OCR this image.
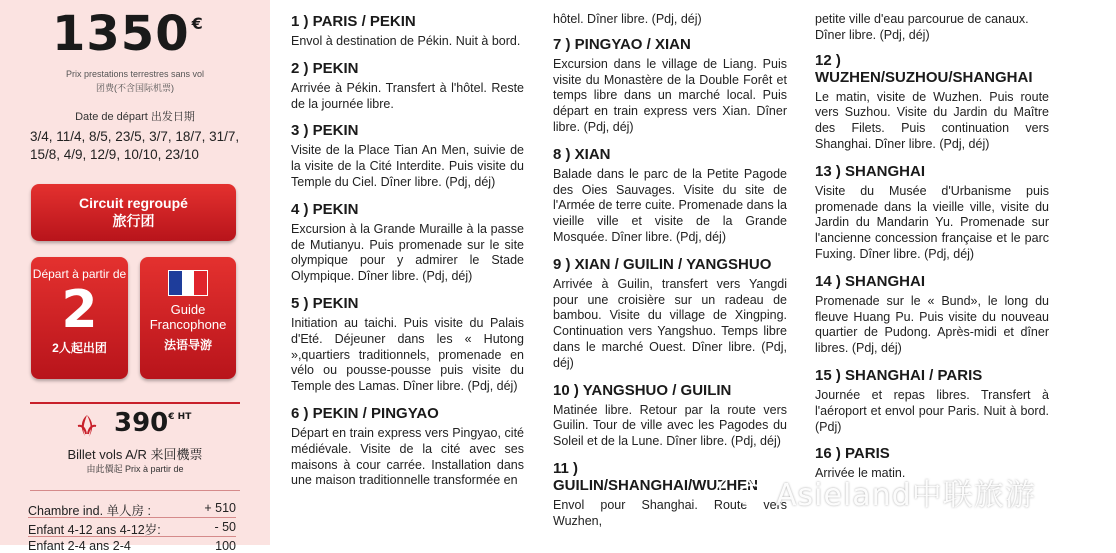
1350 €
Prix prestations terrestres sans vol
团费(不含国际机票)
Date de départ 出发日期
3/4, 11/4, 8/5, 23/5, 3/7, 18/7, 31/7,
15/8, 4/9, 12/9, 10/10, 23/10
Circuit regroupé
旅行团
Départ à partir de
2
2人起出团
Guide
Francophone
法语导游
$390^{€ HT}$
Billet vols A/R 来回機票
由此價起 Prix à partir de
Chambre ind. 单人房 :	+ 510
Enfant 4-12 ans 4-12岁:	- 50
Enfant 2-4 ans 2-4	100
1 ) PARIS / PEKIN

Envol à destination de Pékin. Nuit à bord.

2 ) PEKIN

Arrivée à Pékin. Transfert à l'hôtel. Reste de la journée libre.

3 ) PEKIN

Visite de la Place Tian An Men, suivie de la visite de la Cité Interdite. Puis visite du Temple du Ciel. Dîner libre. (Pdj, déj)

4 ) PEKIN

Excursion à la Grande Muraille à la passe de Mutianyu. Puis promenade sur le site olympique pour y admirer le Stade Olympique. Dîner libre. (Pdj, déj)

5 ) PEKIN

Initiation au taichi. Puis visite du Palais d'Eté. Déjeuner dans les « Hutong »,quartiers traditionnels, promenade en vélo ou pousse-pousse puis visite du Temple des Lamas. Dîner libre. (Pdj, déj)

6 ) PEKIN / PINGYAO

Départ en train express vers Pingyao, cité médiévale. Visite de la cité avec ses maisons à cour carrée. Installation dans une maison traditionnelle transformée en

hôtel. Dîner libre. (Pdj, déj)

7 ) PINGYAO / XIAN

Excursion dans le village de Liang. Puis visite du Monastère de la Double Forêt et temps libre dans un marché local. Puis départ en train express vers Xian. Dîner libre. (Pdj, déj)

8 ) XIAN

Balade dans le parc de la Petite Pagode des Oies Sauvages. Visite du site de l'Armée de terre cuite. Promenade dans la vieille ville et visite de la Grande Mosquée. Dîner libre. (Pdj, déj)

9 ) XIAN / GUILIN / YANGSHUO

Arrivée à Guilin, transfert vers Yangdi pour une croisière sur un radeau de bambou. Visite du village de Xingping. Continuation vers Yangshuo. Temps libre dans le marché Ouest. Dîner libre. (Pdj, déj)

10 ) YANGSHUO / GUILIN

Matinée libre. Retour par la route vers Guilin. Tour de ville avec les Pagodes du Soleil et de la Lune. Dîner libre. (Pdj, déj)

11 ) GUILIN/SHANGHAI/WUZHEN

Envol pour Shanghai. Route vers Wuzhen,

petite ville d'eau parcourue de canaux. Dîner libre. (Pdj, déj)

12 ) WUZHEN/SUZHOU/SHANGHAI

Le matin, visite de Wuzhen. Puis route vers Suzhou. Visite du Jardin du Maître des Filets. Puis continuation vers Shanghai. Dîner libre. (Pdj, déj)

13 ) SHANGHAI

Visite du Musée d'Urbanisme puis promenade dans la vieille ville, visite du Jardin du Mandarin Yu. Promenade sur l'ancienne concession française et le parc Fuxing. Dîner libre. (Pdj, déj)

14 ) SHANGHAI

Promenade sur le « Bund», le long du fleuve Huang Pu. Puis visite du nouveau quartier de Pudong. Après-midi et dîner libres. (Pdj, déj)

15 ) SHANGHAI / PARIS

Journée et repas libres. Transfert à l'aéroport et envol pour Paris. Nuit à bord. (Pdj)

16 ) PARIS

Arrivée le matin.

Asieland中联旅游
